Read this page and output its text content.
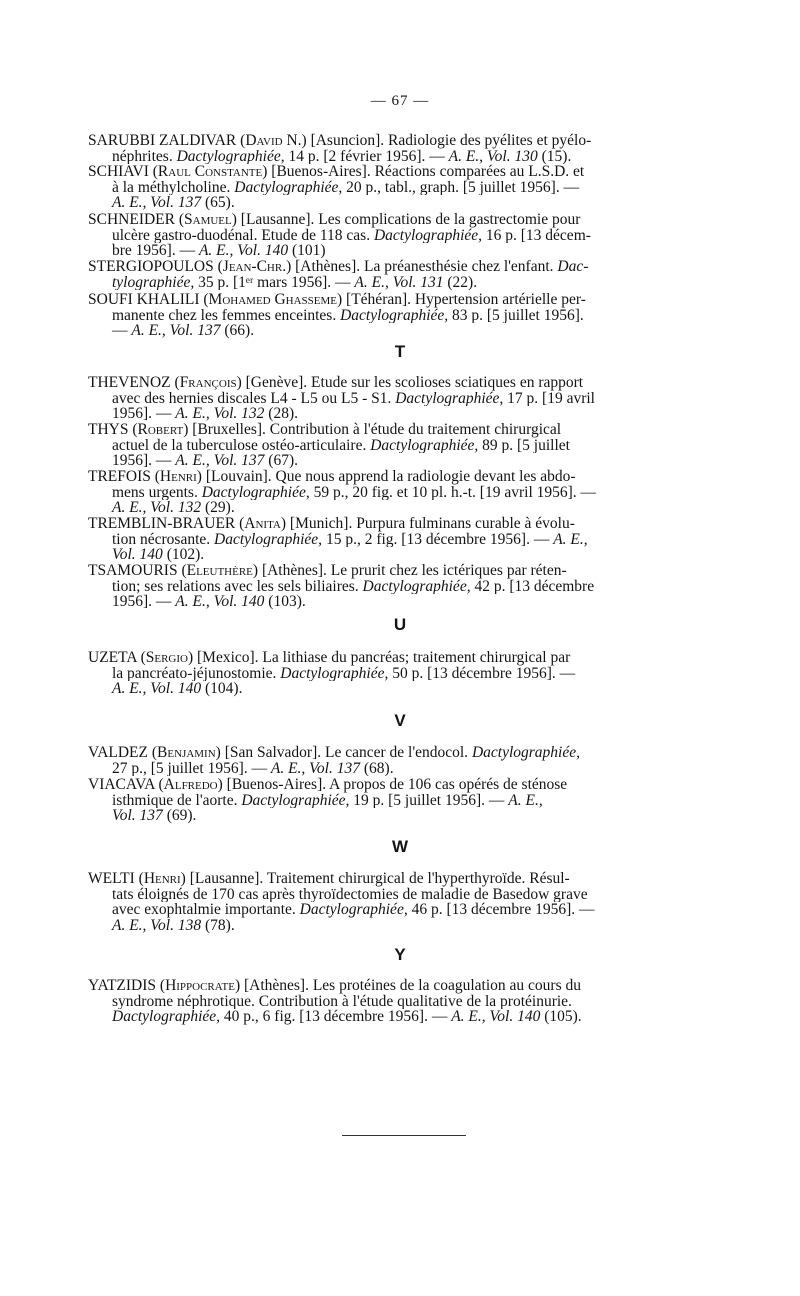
— 67 —
SARUBBI ZALDIVAR (David N.) [Asuncion]. Radiologie des pyélites et pyélo-
néphrites. Dactylographiée, 14 p. [2 février 1956]. — A. E., Vol. 130 (15).
SCHIAVI (Raul Constante) [Buenos-Aires]. Réactions comparées au L.S.D. et
à la méthylcholine. Dactylographiée, 20 p., tabl., graph. [5 juillet 1956]. —
A. E., Vol. 137 (65).
SCHNEIDER (Samuel) [Lausanne]. Les complications de la gastrectomie pour
ulcère gastro-duodénal. Etude de 118 cas. Dactylographiée, 16 p. [13 décem-
bre 1956]. — A. E., Vol. 140 (101)
STERGIOPOULOS (Jean-Chr.) [Athènes]. La préanesthésie chez l'enfant. Dac-
tylographiée, 35 p. [1ᵉʳ mars 1956]. — A. E., Vol. 131 (22).
SOUFI KHALILI (Mohamed Ghasseme) [Téhéran]. Hypertension artérielle per-
manente chez les femmes enceintes. Dactylographiée, 83 p. [5 juillet 1956].
— A. E., Vol. 137 (66).
T
THEVENOZ (François) [Genève]. Etude sur les scolioses sciatiques en rapport
avec des hernies discales L4 - L5 ou L5 - S1. Dactylographiée, 17 p. [19 avril
1956]. — A. E., Vol. 132 (28).
THYS (Robert) [Bruxelles]. Contribution à l'étude du traitement chirurgical
actuel de la tuberculose ostéo-articulaire. Dactylographiée, 89 p. [5 juillet
1956]. — A. E., Vol. 137 (67).
TREFOIS (Henri) [Louvain]. Que nous apprend la radiologie devant les abdo-
mens urgents. Dactylographiée, 59 p., 20 fig. et 10 pl. h.-t. [19 avril 1956]. —
A. E., Vol. 132 (29).
TREMBLIN-BRAUER (Anita) [Munich]. Purpura fulminans curable à évolu-
tion nécrosante. Dactylographiée, 15 p., 2 fig. [13 décembre 1956]. — A. E.,
Vol. 140 (102).
TSAMOURIS (Eleuthère) [Athènes]. Le prurit chez les ictériques par réten-
tion; ses relations avec les sels biliaires. Dactylographiée, 42 p. [13 décembre
1956]. — A. E., Vol. 140 (103).
U
UZETA (Sergio) [Mexico]. La lithiase du pancréas; traitement chirurgical par
la pancréato-jéjunostomie. Dactylographiée, 50 p. [13 décembre 1956]. —
A. E., Vol. 140 (104).
V
VALDEZ (Benjamin) [San Salvador]. Le cancer de l'endocol. Dactylographiée,
27 p., [5 juillet 1956]. — A. E., Vol. 137 (68).
VIACAVA (Alfredo) [Buenos-Aires]. A propos de 106 cas opérés de sténose
isthmique de l'aorte. Dactylographiée, 19 p. [5 juillet 1956]. — A. E.,
Vol. 137 (69).
W
WELTI (Henri) [Lausanne]. Traitement chirurgical de l'hyperthyroïde. Résul-
tats éloignés de 170 cas après thyroïdectomies de maladie de Basedow grave
avec exophtalmie importante. Dactylographiée, 46 p. [13 décembre 1956]. —
A. E., Vol. 138 (78).
Y
YATZIDIS (Hippocrate) [Athènes]. Les protéines de la coagulation au cours du
syndrome néphrotique. Contribution à l'étude qualitative de la protéinurie.
Dactylographiée, 40 p., 6 fig. [13 décembre 1956]. — A. E., Vol. 140 (105).
